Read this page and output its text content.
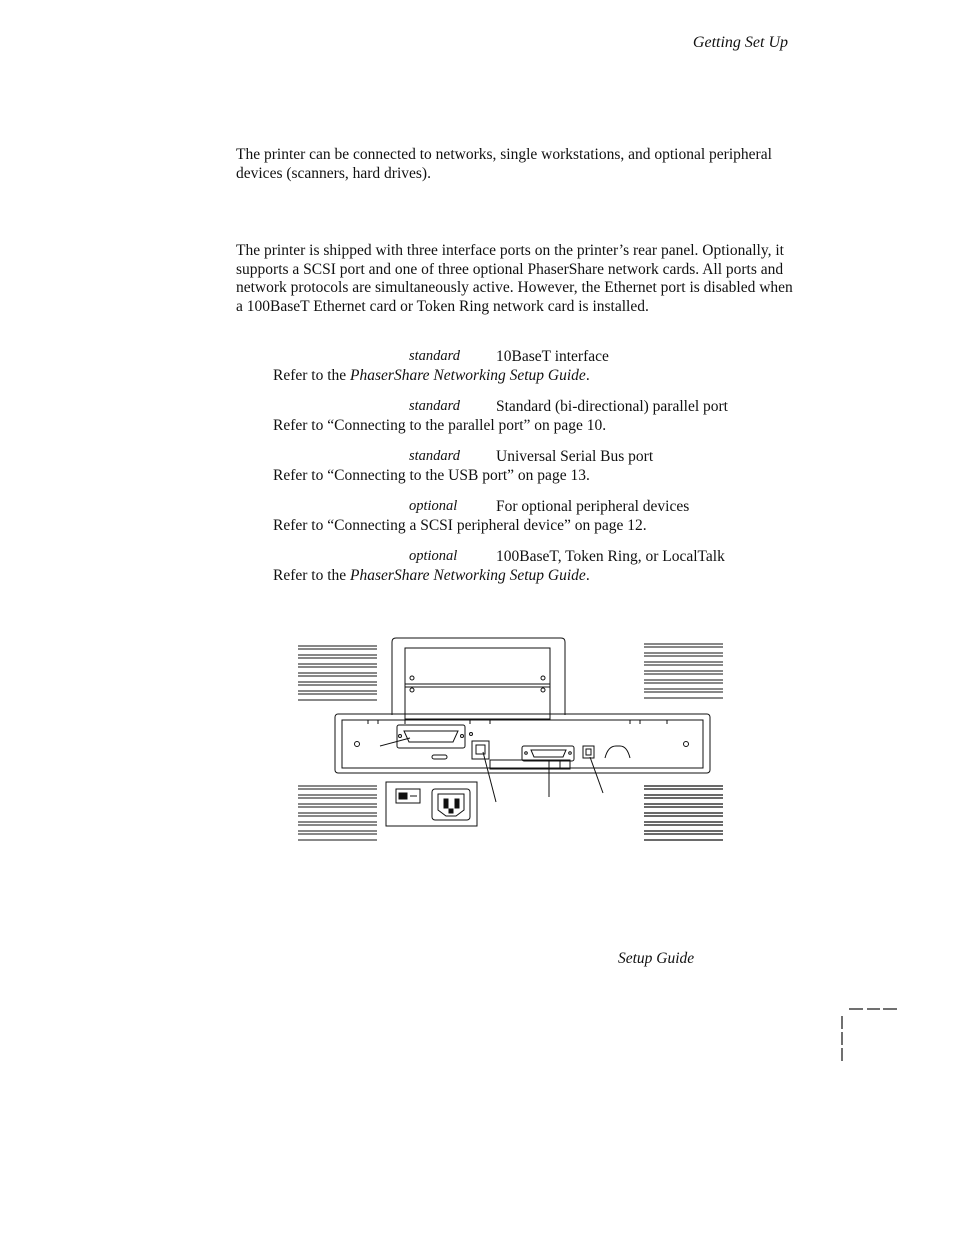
Getting Set Up
The printer can be connected to networks, single workstations, and optional peripheral devices (scanners, hard drives).
The printer is shipped with three interface ports on the printer’s rear panel. Optionally, it supports a SCSI port and one of three optional PhaserShare network cards. All ports and network protocols are simultaneously active. However, the Ethernet port is disabled when a 100BaseT Ethernet card or Token Ring network card is installed.
standard 10BaseT interface
Refer to the PhaserShare Networking Setup Guide.
standard Standard (bi-directional) parallel port
Refer to “Connecting to the parallel port” on page 10.
standard Universal Serial Bus port
Refer to “Connecting to the USB port” on page 13.
optional For optional peripheral devices
Refer to “Connecting a SCSI peripheral device” on page 12.
optional 100BaseT, Token Ring, or LocalTalk
Refer to the PhaserShare Networking Setup Guide.
Setup Guide
